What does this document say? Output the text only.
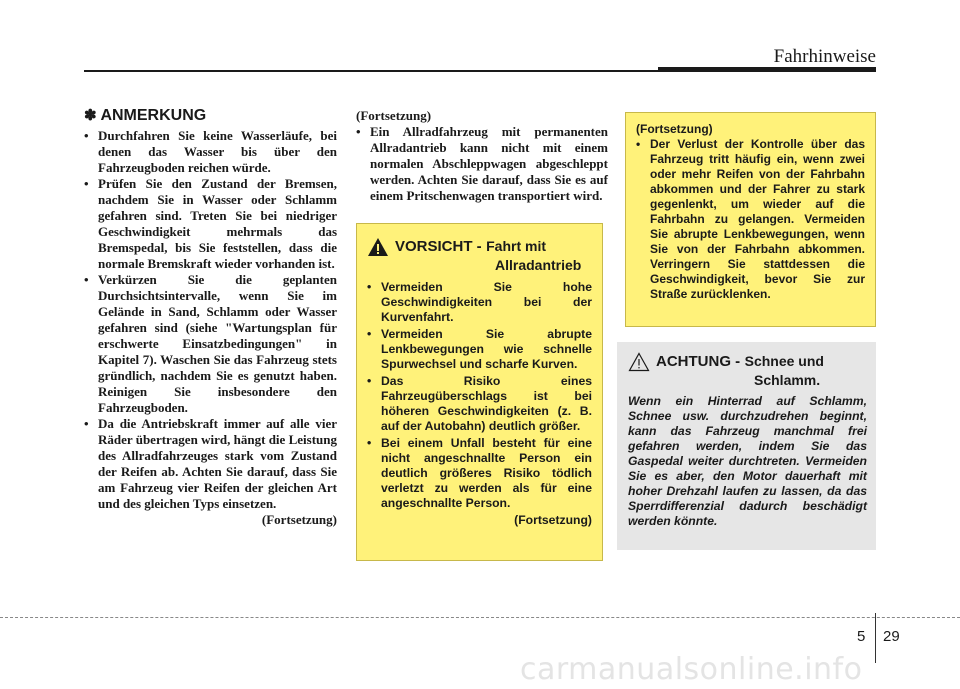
Fahrhinweise
✽ ANMERKUNG
• Durchfahren Sie keine Wasserläufe, bei denen das Wasser bis über den Fahrzeugboden reichen würde.
• Prüfen Sie den Zustand der Bremsen, nachdem Sie in Wasser oder Schlamm gefahren sind. Treten Sie bei niedriger Geschwindigkeit mehrmals das Bremspedal, bis Sie feststellen, dass die normale Bremskraft wieder vorhanden ist.
• Verkürzen Sie die geplanten Durchsichtsintervalle, wenn Sie im Gelände in Sand, Schlamm oder Wasser gefahren sind (siehe "Wartungsplan für erschwerte Einsatzbedingungen" in Kapitel 7). Waschen Sie das Fahrzeug stets gründlich, nachdem Sie es genutzt haben. Reinigen Sie insbesondere den Fahrzeugboden.
• Da die Antriebskraft immer auf alle vier Räder übertragen wird, hängt die Leistung des Allradfahrzeuges stark vom Zustand der Reifen ab. Achten Sie darauf, dass Sie am Fahrzeug vier Reifen der gleichen Art und des gleichen Typs einsetzen.
(Fortsetzung)
(Fortsetzung)
• Ein Allradfahrzeug mit permanenten Allradantrieb kann nicht mit einem normalen Abschleppwagen abgeschleppt werden. Achten Sie darauf, dass Sie es auf einem Pritschenwagen transportiert wird.
VORSICHT - Fahrt mit
Allradantrieb
• Vermeiden Sie hohe Geschwindigkeiten bei der Kurvenfahrt.
• Vermeiden Sie abrupte Lenkbewegungen wie schnelle Spurwechsel und scharfe Kurven.
• Das Risiko eines Fahrzeugüberschlags ist bei höheren Geschwindigkeiten (z. B. auf der Autobahn) deutlich größer.
• Bei einem Unfall besteht für eine nicht angeschnallte Person ein deutlich größeres Risiko tödlich verletzt zu werden als für eine angeschnallte Person.
(Fortsetzung)
(Fortsetzung)
• Der Verlust der Kontrolle über das Fahrzeug tritt häufig ein, wenn zwei oder mehr Reifen von der Fahrbahn abkommen und der Fahrer zu stark gegenlenkt, um wieder auf die Fahrbahn zu gelangen. Vermeiden Sie abrupte Lenkbewegungen, wenn Sie von der Fahrbahn abkommen. Verringern Sie stattdessen die Geschwindigkeit, bevor Sie zur Straße zurücklenken.
ACHTUNG - Schnee und
Schlamm.
Wenn ein Hinterrad auf Schlamm, Schnee usw. durchzudrehen beginnt, kann das Fahrzeug manchmal frei gefahren werden, indem Sie das Gaspedal weiter durchtreten. Vermeiden Sie es aber, den Motor dauerhaft mit hoher Drehzahl laufen zu lassen, da das Sperrdifferenzial dadurch beschädigt werden könnte.
5 29
carmanualsonline.info
